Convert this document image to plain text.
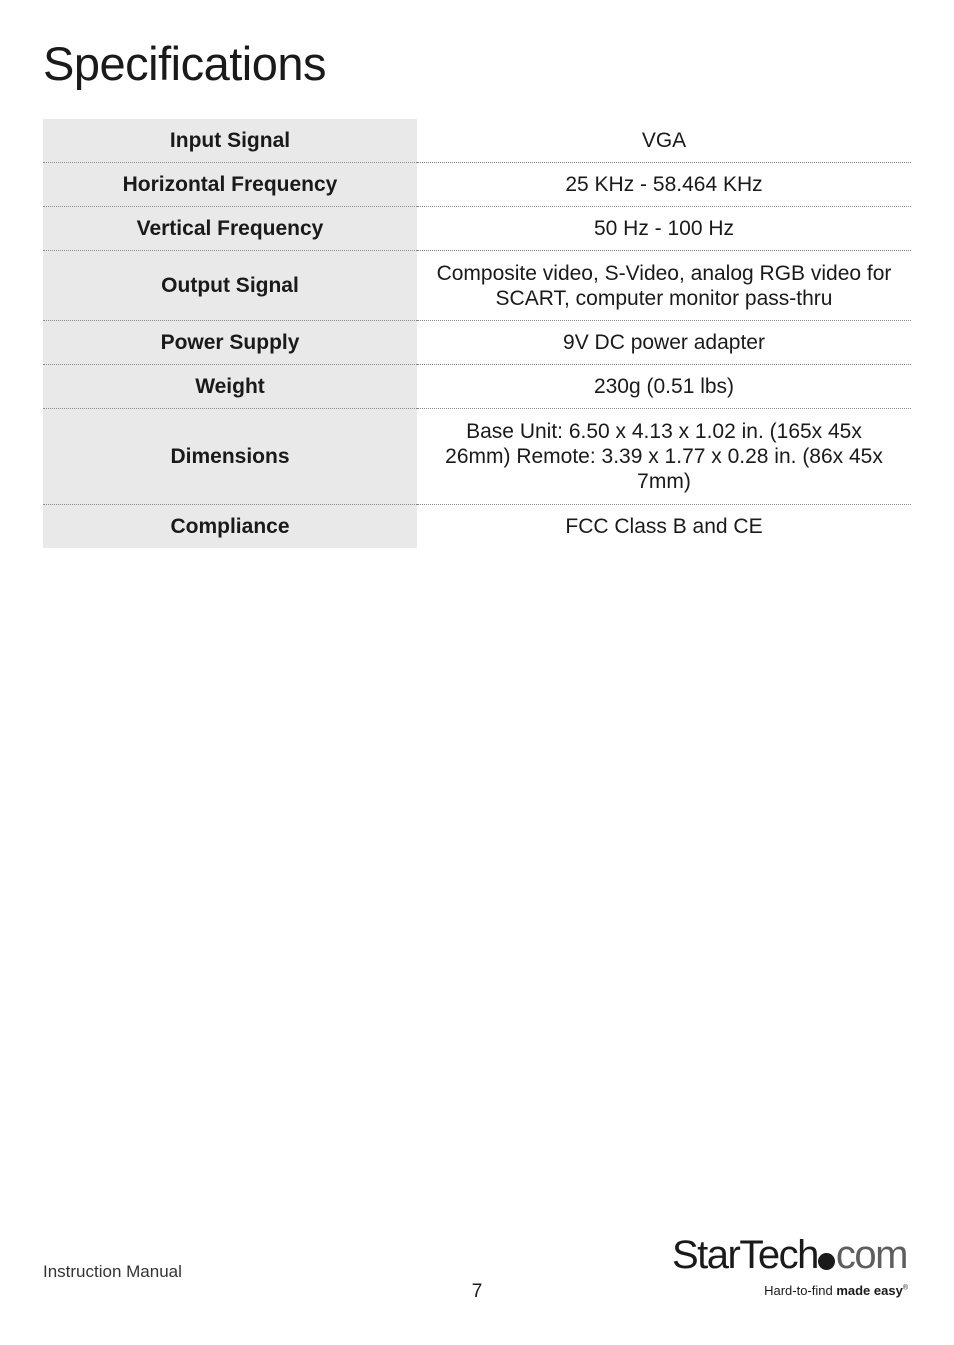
Specifications
Input Signal	VGA
Horizontal Frequency	25 KHz - 58.464 KHz
Vertical Frequency	50 Hz - 100 Hz
Output Signal	Composite video, S-Video, analog RGB video for SCART, computer monitor pass-thru
Power Supply	9V DC power adapter
Weight	230g (0.51 lbs)
Dimensions	Base Unit: 6.50 x 4.13 x 1.02 in. (165x 45x 26mm) Remote: 3.39 x 1.77 x 0.28 in. (86x 45x 7mm)
Compliance	FCC Class B and CE
Instruction Manual
7
StarTech com
Hard-to-find made easy®
